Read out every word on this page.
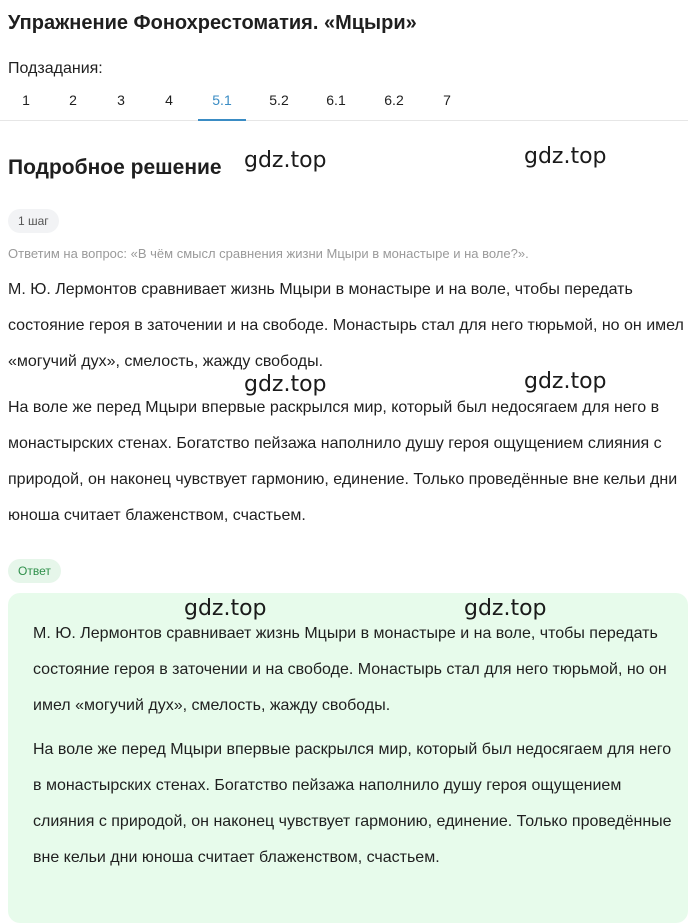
Упражнение Фонохрестоматия. «Мцыри»
Подзадания:
1	2	3	4	5.1	5.2	6.1	6.2	7
Подробное решение
1 шаг
Ответим на вопрос: «В чём смысл сравнения жизни Мцыри в монастыре и на воле?».

М. Ю. Лермонтов сравнивает жизнь Мцыри в монастыре и на воле, чтобы передать состояние героя в заточении и на свободе. Монастырь стал для него тюрьмой, но он имел «могучий дух», смелость, жажду свободы.

На воле же перед Мцыри впервые раскрылся мир, который был недосягаем для него в монастырских стенах. Богатство пейзажа наполнило душу героя ощущением слияния с природой, он наконец чувствует гармонию, единение. Только проведённые вне кельи дни юноша считает блаженством, счастьем.

Ответ

М. Ю. Лермонтов сравнивает жизнь Мцыри в монастыре и на воле, чтобы передать состояние героя в заточении и на свободе. Монастырь стал для него тюрьмой, но он имел «могучий дух», смелость, жажду свободы.

На воле же перед Мцыри впервые раскрылся мир, который был недосягаем для него в монастырских стенах. Богатство пейзажа наполнило душу героя ощущением слияния с природой, он наконец чувствует гармонию, единение. Только проведённые вне кельи дни юноша считает блаженством, счастьем.

gdz.top	gdz.top
gdz.top	gdz.top
gdz.top	gdz.top
